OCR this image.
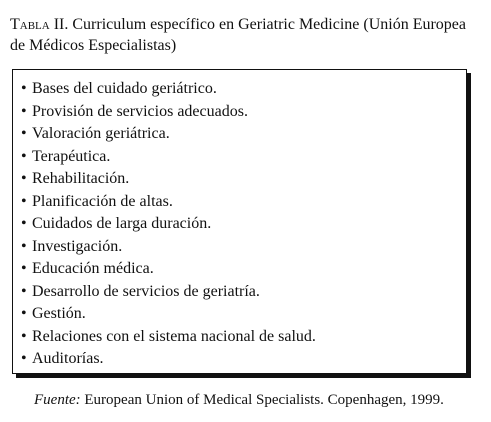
Tabla II. Curriculum específico en Geriatric Medicine (Unión Europea de Médicos Especialistas)
• Bases del cuidado geriátrico.
• Provisión de servicios adecuados.
• Valoración geriátrica.
• Terapéutica.
• Rehabilitación.
• Planificación de altas.
• Cuidados de larga duración.
• Investigación.
• Educación médica.
• Desarrollo de servicios de geriatría.
• Gestión.
• Relaciones con el sistema nacional de salud.
• Auditorías.
Fuente: European Union of Medical Specialists. Copenhagen, 1999.
